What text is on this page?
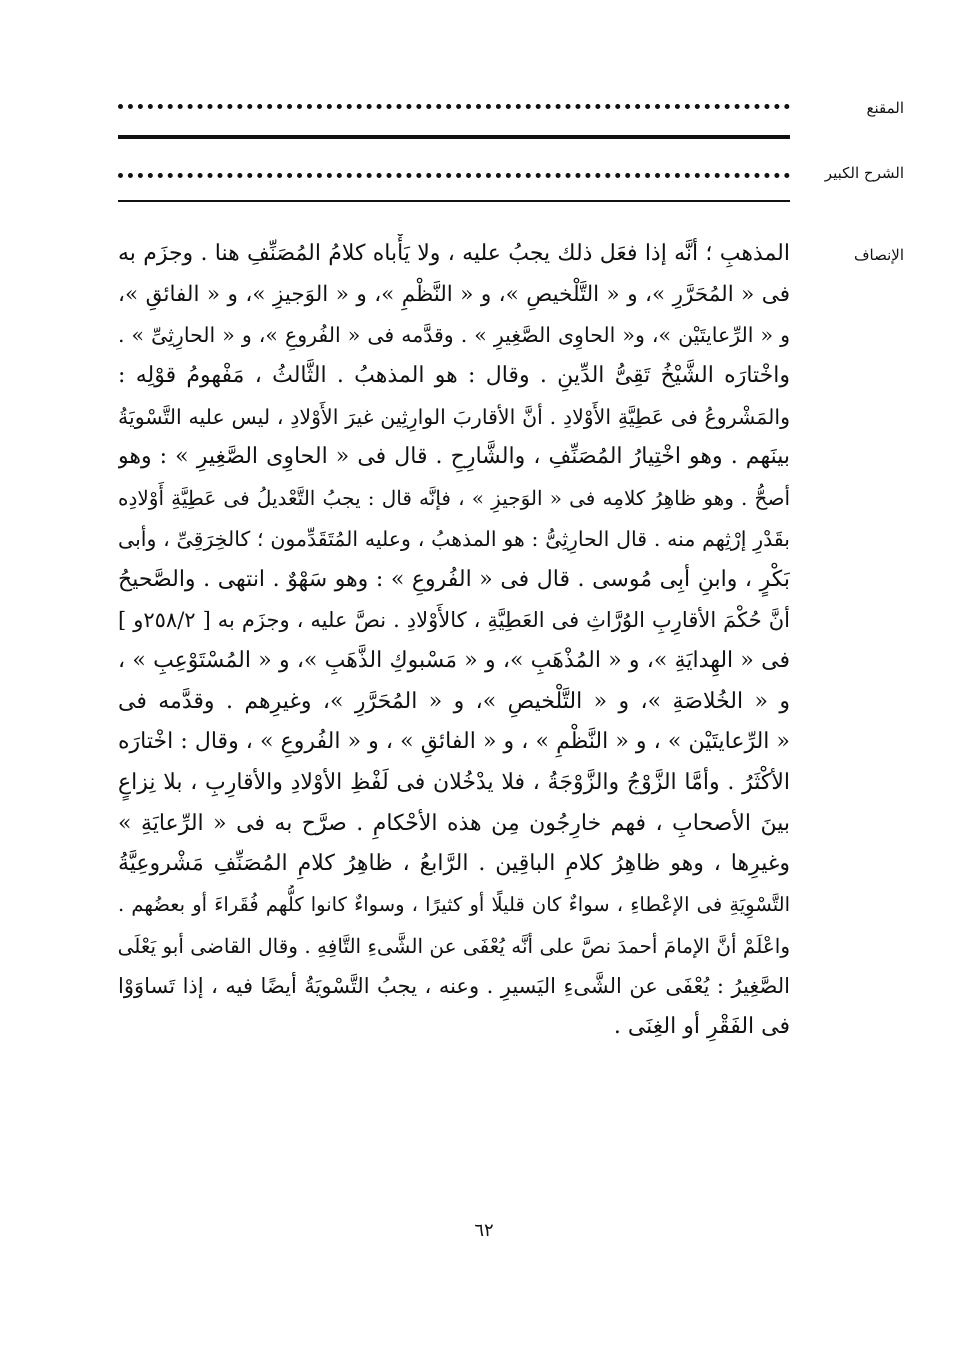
المقنع
الشرح الكبير
الإنصاف
المذهبِ ؛ أنَّه إذا فعَل ذلك يجبُ عليه ، ولا يَأْباه كلامُ المُصَنِّفِ هنا . وجزَم به
فى « المُحَرَّرِ »، و « التَّلْخيصِ »، و « النَّظْمِ »، و « الوَجيزِ »، و « الفائقِ »،
و « الرِّعايتَيْن »، و« الحاوِى الصَّغِيرِ » . وقدَّمه فى « الفُروعِ »، و « الحارِثِىِّ » .
واخْتارَه الشَّيْخُ تَقِىُّ الدِّينِ . وقال : هو المذهبُ . الثَّالثُ ، مَفْهومُ قوْلِه :
والمَشْروعُ فى عَطِيَّةِ الأَوْلادِ . أنَّ الأقاربَ الوارِثِين غيرَ الأَوْلادِ ، ليس عليه التَّسْويَةُ
بينَهم . وهو اخْتِيارُ المُصَنِّفِ ، والشَّارِحِ . قال فى « الحاوِى الصَّغِيرِ » : وهو
أصحُّ . وهو ظاهِرُ كلامِه فى « الوَجيزِ » ، فإنَّه قال : يجبُ التَّعْديلُ فى عَطِيَّةِ أَوْلادِه
بقَدْرِ إرْثِهم منه . قال الحارِثِىُّ : هو المذهبُ ، وعليه المُتَقَدِّمون ؛ كالخِرَقِىِّ ، وأبى
بَكْرٍ ، وابنِ أبِى مُوسى . قال فى « الفُروعِ » : وهو سَهْوٌ . انتهى . والصَّحيحُ
أنَّ حُكْمَ الأقارِبِ الوُرَّاثِ فى العَطِيَّةِ ، كالأَوْلادِ . نصَّ عليه ، وجزَم به [ ٢٥٨/٢و ]
فى « الهِدايَةِ »، و « المُذْهَبِ »، و « مَسْبوكِ الذَّهَبِ »، و « المُسْتَوْعِبِ » ،
و « الخُلاصَةِ »، و « التَّلْخيصِ »، و « المُحَرَّرِ »، وغيرِهم . وقدَّمه فى
« الرِّعايتَيْن » ، و « النَّظْمِ » ، و « الفائقِ » ، و « الفُروعِ » ، وقال : اخْتارَه
الأكْثَرُ . وأمَّا الزَّوْجُ والزَّوْجَةُ ، فلا يدْخُلان فى لَفْظِ الأوْلادِ والأقارِبِ ، بلا نِزاعٍ
بينَ الأصحابِ ، فهم خارِجُون مِن هذه الأحْكامِ . صرَّح به فى « الرِّعايَةِ »
وغيرِها ، وهو ظاهِرُ كلامِ الباقِين . الرَّابعُ ، ظاهِرُ كلامِ المُصَنِّفِ مَشْروعِيَّةُ
التَّسْوِيَةِ فى الإعْطاءِ ، سواءٌ كان قليلًا أو كثيرًا ، وسواءٌ كانوا كلُّهم فُقَراءَ أو بعضُهم .
واعْلَمْ أنَّ الإمامَ أحمدَ نصَّ على أنَّه يُعْفَى عن الشَّىءِ التَّافِهِ . وقال القاضى أبو يَعْلَى
الصَّغِيرُ : يُعْفَى عن الشَّىءِ اليَسيرِ . وعنه ، يجبُ التَّسْويَةُ أيضًا فيه ، إذا تَساوَوْا
فى الفَقْرِ أو الغِنَى .
٦٢
